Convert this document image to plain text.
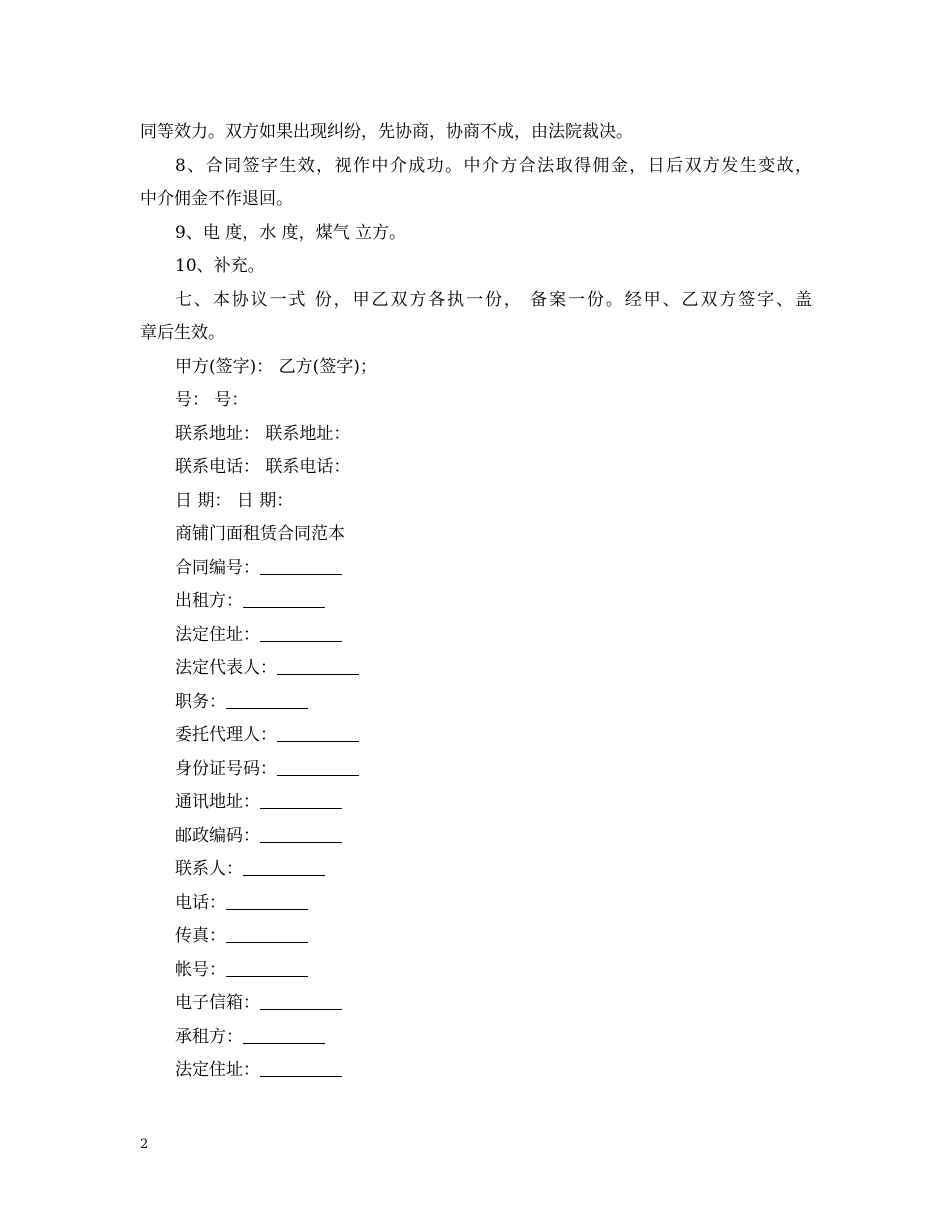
同等效力。双方如果出现纠纷，先协商，协商不成，由法院裁决。
8、合同签字生效，视作中介成功。中介方合法取得佣金，日后双方发生变故，
中介佣金不作退回。
9、电 度，水 度，煤气 立方。
10、补充。
七、本协议一式 份，甲乙双方各执一份， 备案一份。经甲、乙双方签字、盖
章后生效。
甲方(签字)： 乙方(签字)；
号： 号：
联系地址： 联系地址：
联系电话： 联系电话：
日 期： 日 期：
商铺门面租赁合同范本
合同编号：
出租方：
法定住址：
法定代表人：
职务：
委托代理人：
身份证号码：
通讯地址：
邮政编码：
联系人：
电话：
传真：
帐号：
电子信箱：
承租方：
法定住址：
2
